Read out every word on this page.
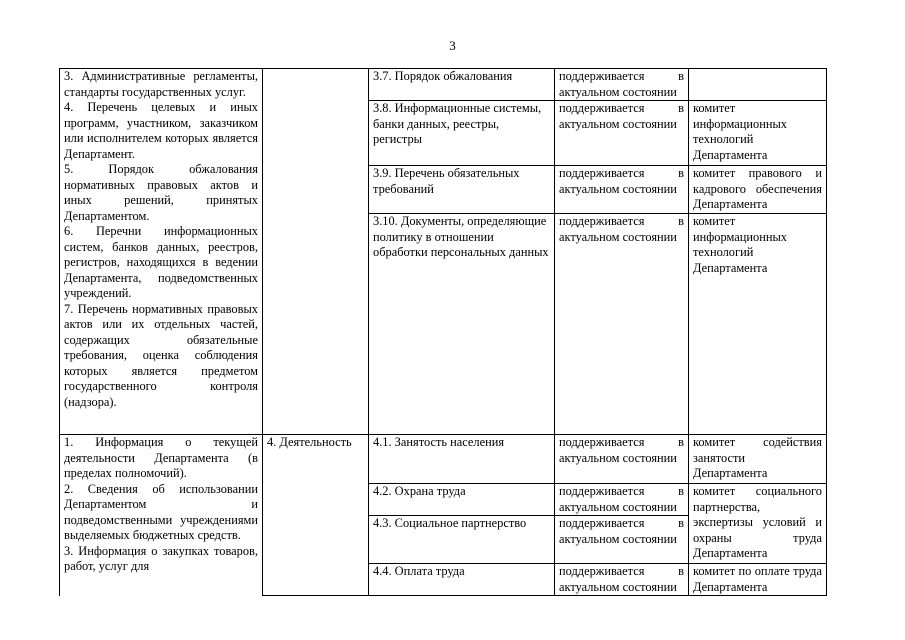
3

3. Административные регламенты, стандарты государственных услуг.

4. Перечень целевых и иных программ, участником, заказчиком или исполнителем которых является Департамент.

5. Порядок обжалования нормативных правовых актов и иных решений, принятых Департаментом.

6. Перечни информационных систем, банков данных, реестров, регистров, находящихся в ведении Департамента, подведомственных учреждений.

7. Перечень нормативных правовых актов или их отдельных частей, содержащих обязательные требования, оценка соблюдения которых является предметом государственного контроля (надзора).		3.7. Порядок обжалования	поддерживается в актуальном состоянии	
		3.8. Информационные системы, банки данных, реестры, регистры	поддерживается в актуальном состоянии	комитет информационных технологий Департамента
		3.9. Перечень обязательных требований	поддерживается в актуальном состоянии	комитет правового и кадрового обеспечения Департамента
		3.10. Документы, определяющие политику в отношении обработки персональных данных	поддерживается в актуальном состоянии	комитет информационных технологий Департамента

1. Информация о текущей деятельности Департамента (в пределах полномочий).

2. Сведения об использовании Департаментом и подведомственными учреждениями выделяемых бюджетных средств.

3. Информация о закупках товаров, работ, услуг для	4. Деятельность	4.1. Занятость населения	поддерживается в актуальном состоянии	комитет содействия занятости Департамента
		4.2. Охрана труда	поддерживается в актуальном состоянии	комитет социального партнерства, экспертизы условий и охраны труда Департамента
		4.3. Социальное партнерство	поддерживается в актуальном состоянии	
		4.4. Оплата труда	поддерживается в актуальном состоянии	комитет по оплате труда Департамента
